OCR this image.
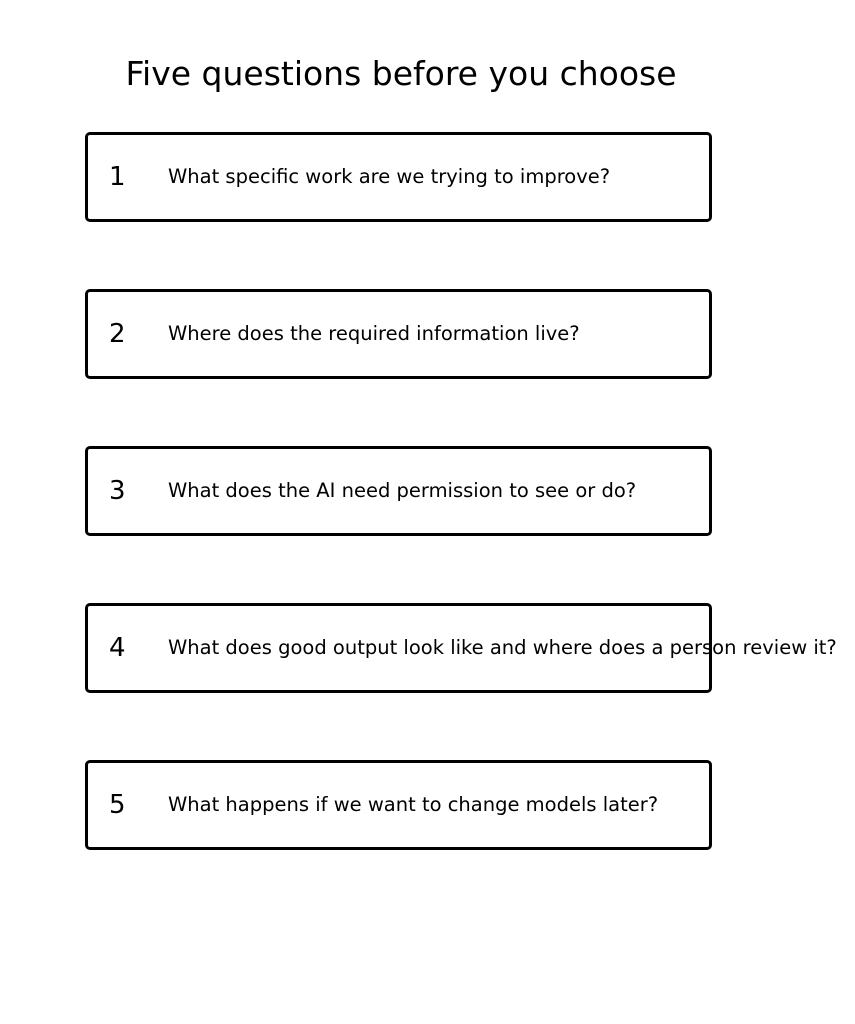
Five questions before you choose
1 What specific work are we trying to improve?
2 Where does the required information live?
3 What does the AI need permission to see or do?
4 What does good output look like and where does a person review it?
5 What happens if we want to change models later?
